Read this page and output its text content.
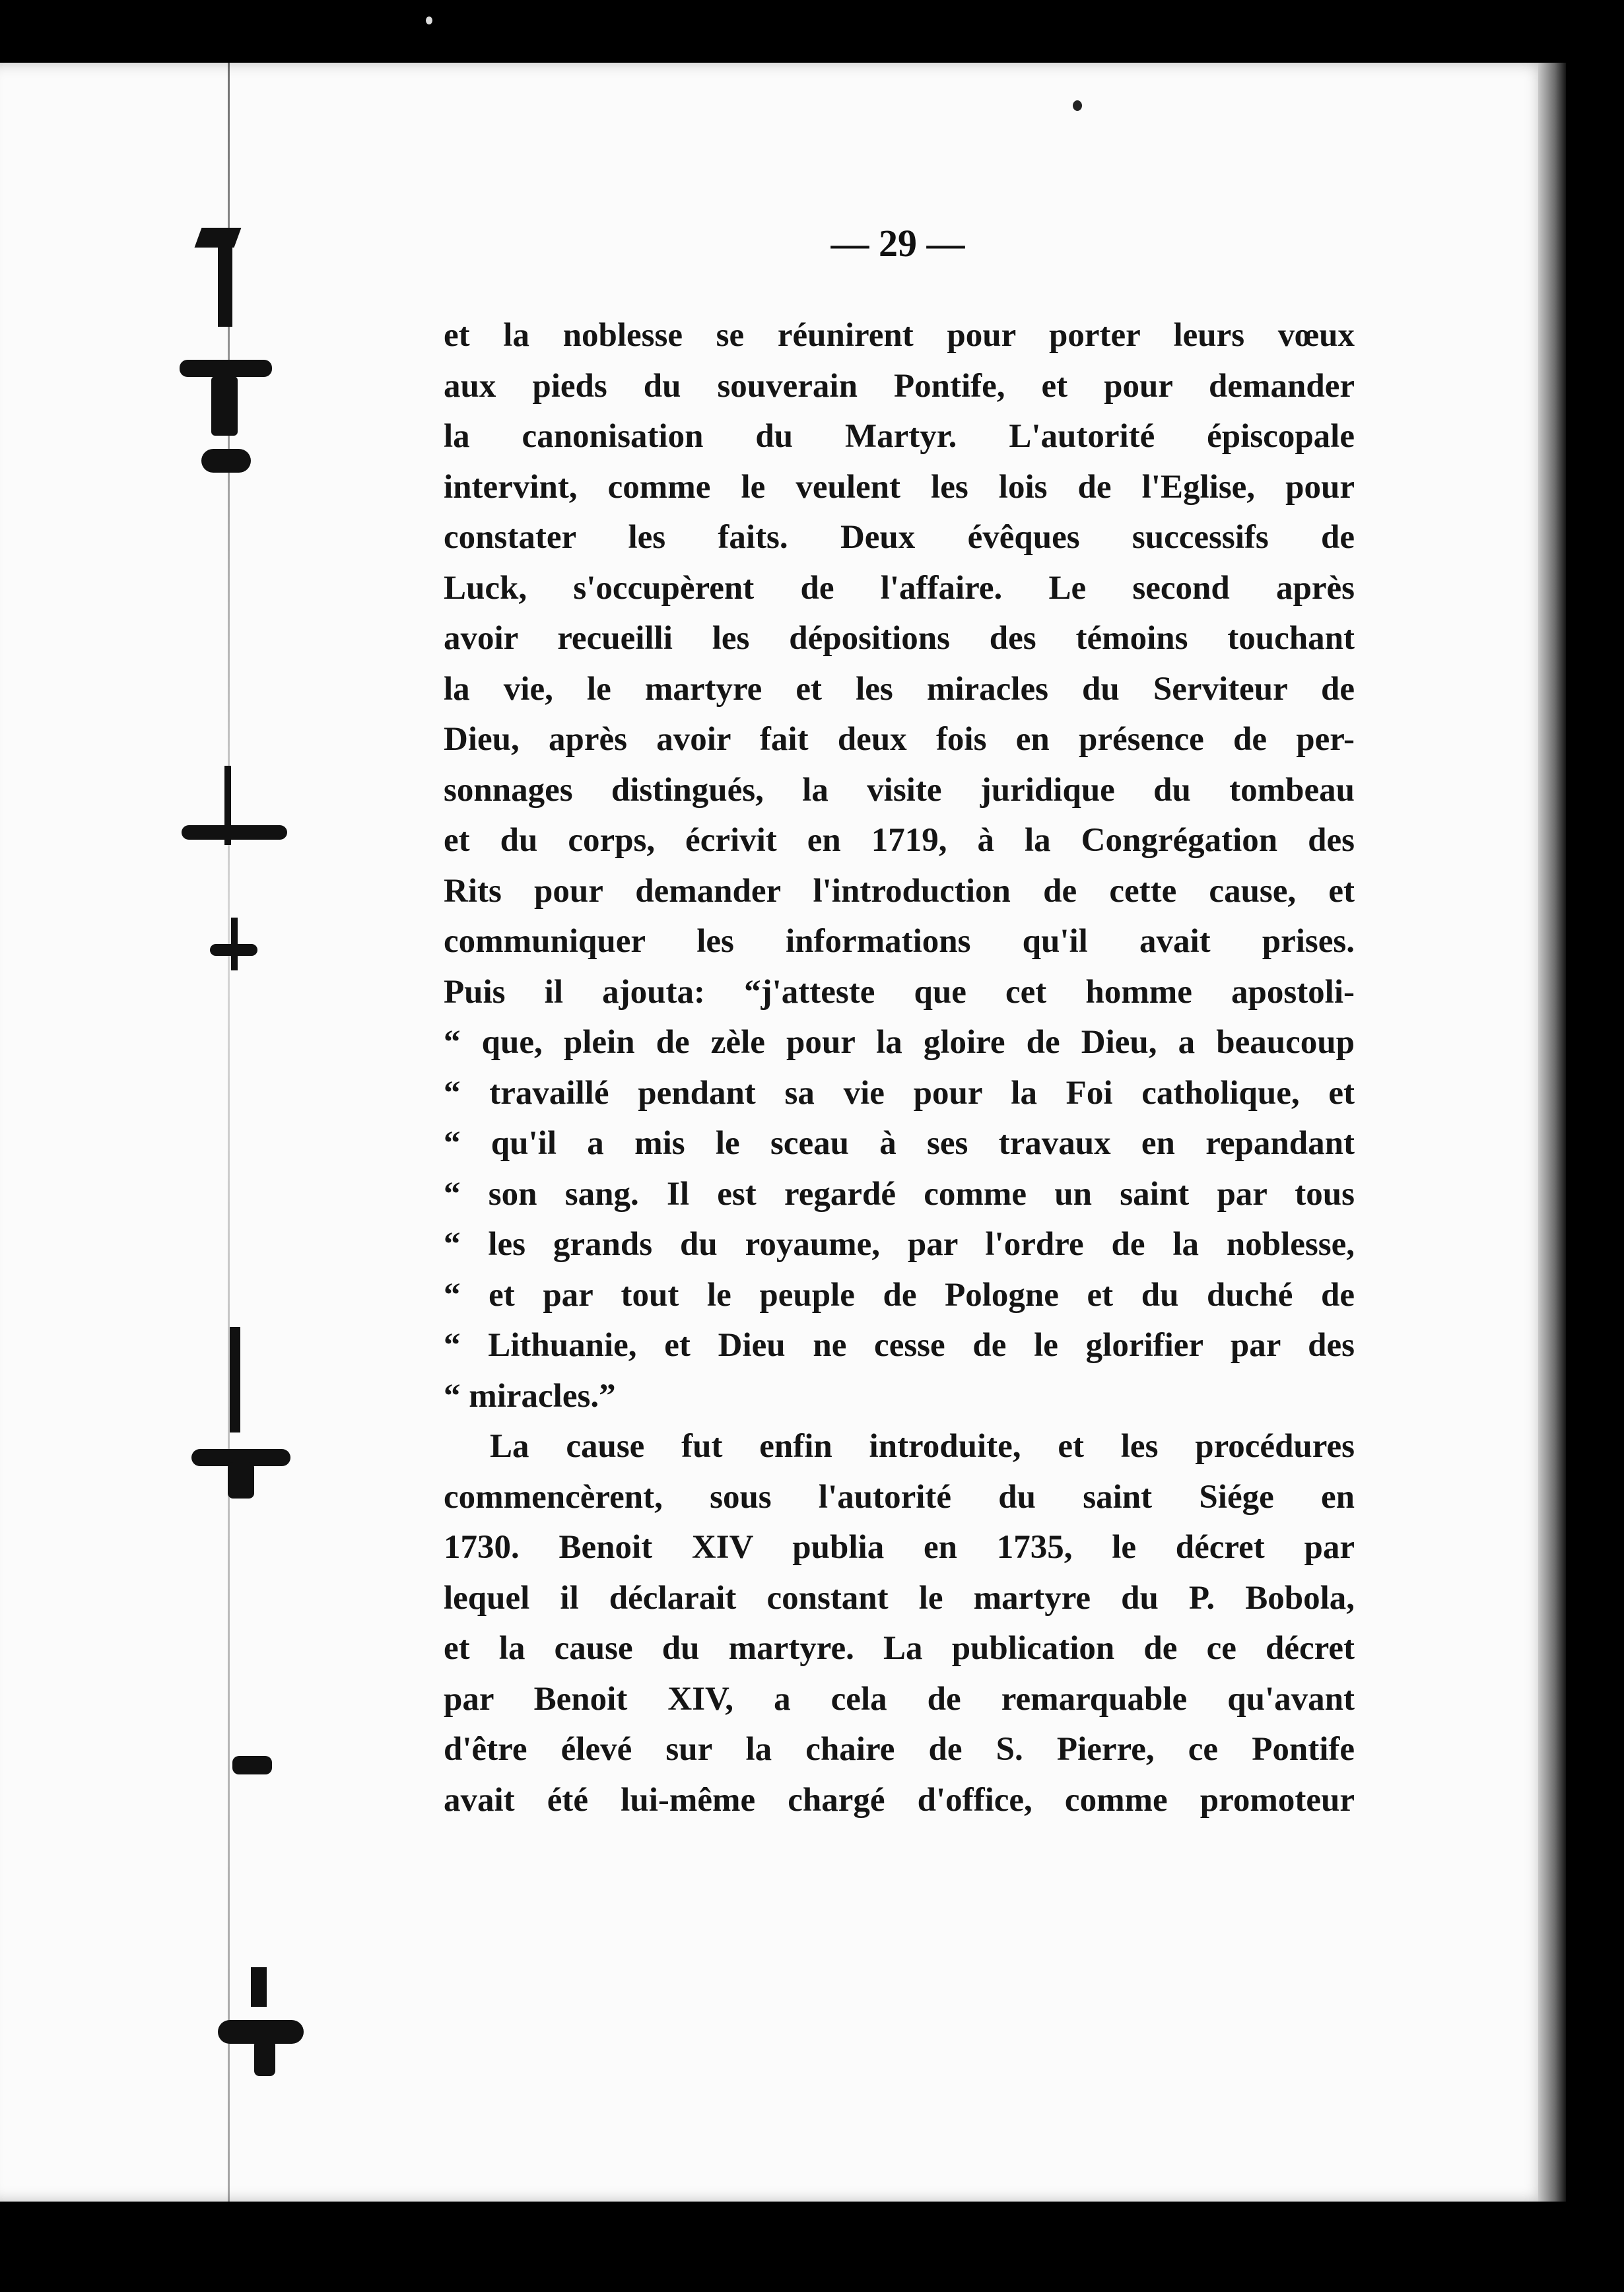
— 29 —
et la noblesse se réunirent pour porter leurs vœux
aux pieds du souverain Pontife, et pour demander
la canonisation du Martyr. L'autorité épiscopale
intervint, comme le veulent les lois de l'Eglise, pour
constater les faits. Deux évêques successifs de
Luck, s'occupèrent de l'affaire. Le second après
avoir recueilli les dépositions des témoins touchant
la vie, le martyre et les miracles du Serviteur de
Dieu, après avoir fait deux fois en présence de per-
sonnages distingués, la visite juridique du tombeau
et du corps, écrivit en 1719, à la Congrégation des
Rits pour demander l'introduction de cette cause, et
communiquer les informations qu'il avait prises.
Puis il ajouta: “j'atteste que cet homme apostoli-
“ que, plein de zèle pour la gloire de Dieu, a beaucoup
“ travaillé pendant sa vie pour la Foi catholique, et
“ qu'il a mis le sceau à ses travaux en repandant
“ son sang. Il est regardé comme un saint par tous
“ les grands du royaume, par l'ordre de la noblesse,
“ et par tout le peuple de Pologne et du duché de
“ Lithuanie, et Dieu ne cesse de le glorifier par des
“ miracles.”
La cause fut enfin introduite, et les procédures
commencèrent, sous l'autorité du saint Siége en
1730. Benoit XIV publia en 1735, le décret par
lequel il déclarait constant le martyre du P. Bobola,
et la cause du martyre. La publication de ce décret
par Benoit XIV, a cela de remarquable qu'avant
d'être élevé sur la chaire de S. Pierre, ce Pontife
avait été lui-même chargé d'office, comme promoteur
